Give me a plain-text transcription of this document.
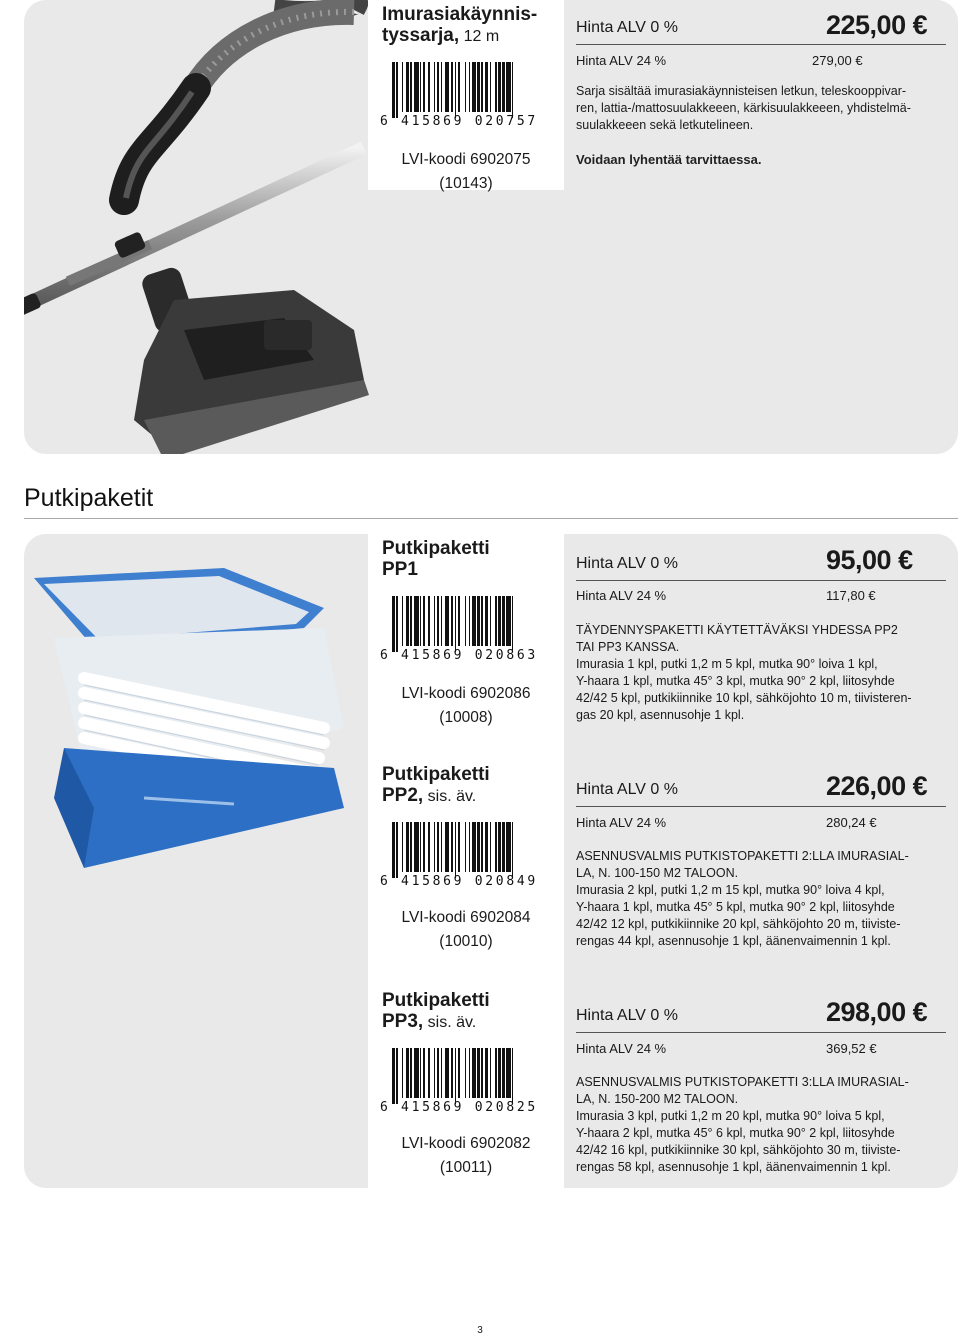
Imurasiakäynnis-
tyssarja, 12 m
6 415869 020757
LVI-koodi 6902075
(10143)
Hinta ALV 0 %	225,00 €
Hinta ALV 24 %	279,00 €
Sarja sisältää imurasiakäynnisteisen letkun, teleskooppivar-
ren, lattia-/mattosuulakkeeen, kärkisuulakkeeen, yhdistelmä-
suulakkeeen sekä letkutelineen.
Voidaan lyhentää tarvittaessa.
Putkipaketit
Putkipaketti
PP1
6 415869 020863
LVI-koodi 6902086
(10008)
Hinta ALV 0 %	95,00 €
Hinta ALV 24 %	117,80 €
TÄYDENNYSPAKETTI KÄYTETTÄVÄKSI YHDESSA PP2
TAI PP3 KANSSA.
Imurasia 1 kpl, putki 1,2 m 5 kpl, mutka 90° loiva 1 kpl,
Y-haara 1 kpl, mutka 45° 3 kpl, mutka 90° 2 kpl, liitosyhde
42/42 5 kpl, putkikiinnike 10 kpl, sähköjohto 10 m, tiivisteren-
gas 20 kpl, asennusohje 1 kpl.
Putkipaketti
PP2, sis. äv.
6 415869 020849
LVI-koodi 6902084
(10010)
Hinta ALV 0 %	226,00 €
Hinta ALV 24 %	280,24 €
ASENNUSVALMIS PUTKISTOPAKETTI 2:LLA IMURASIAL-
LA, N. 100-150 M2 TALOON.
Imurasia 2 kpl, putki 1,2 m 15 kpl, mutka 90° loiva 4 kpl,
Y-haara 1 kpl, mutka 45° 5 kpl, mutka 90° 2 kpl, liitosyhde
42/42 12 kpl, putkikiinnike 20 kpl, sähköjohto 20 m, tiiviste-
rengas 44 kpl, asennusohje 1 kpl, äänenvaimennin 1 kpl.
Putkipaketti
PP3, sis. äv.
6 415869 020825
LVI-koodi 6902082
(10011)
Hinta ALV 0 %	298,00 €
Hinta ALV 24 %	369,52 €
ASENNUSVALMIS PUTKISTOPAKETTI 3:LLA IMURASIAL-
LA, N. 150-200 M2 TALOON.
Imurasia 3 kpl, putki 1,2 m 20 kpl, mutka 90° loiva 5 kpl,
Y-haara 2 kpl, mutka 45° 6 kpl, mutka 90° 2 kpl, liitosyhde
42/42 16 kpl, putkikiinnike 30 kpl, sähköjohto 30 m, tiiviste-
rengas 58 kpl, asennusohje 1 kpl, äänenvaimennin 1 kpl.
3
